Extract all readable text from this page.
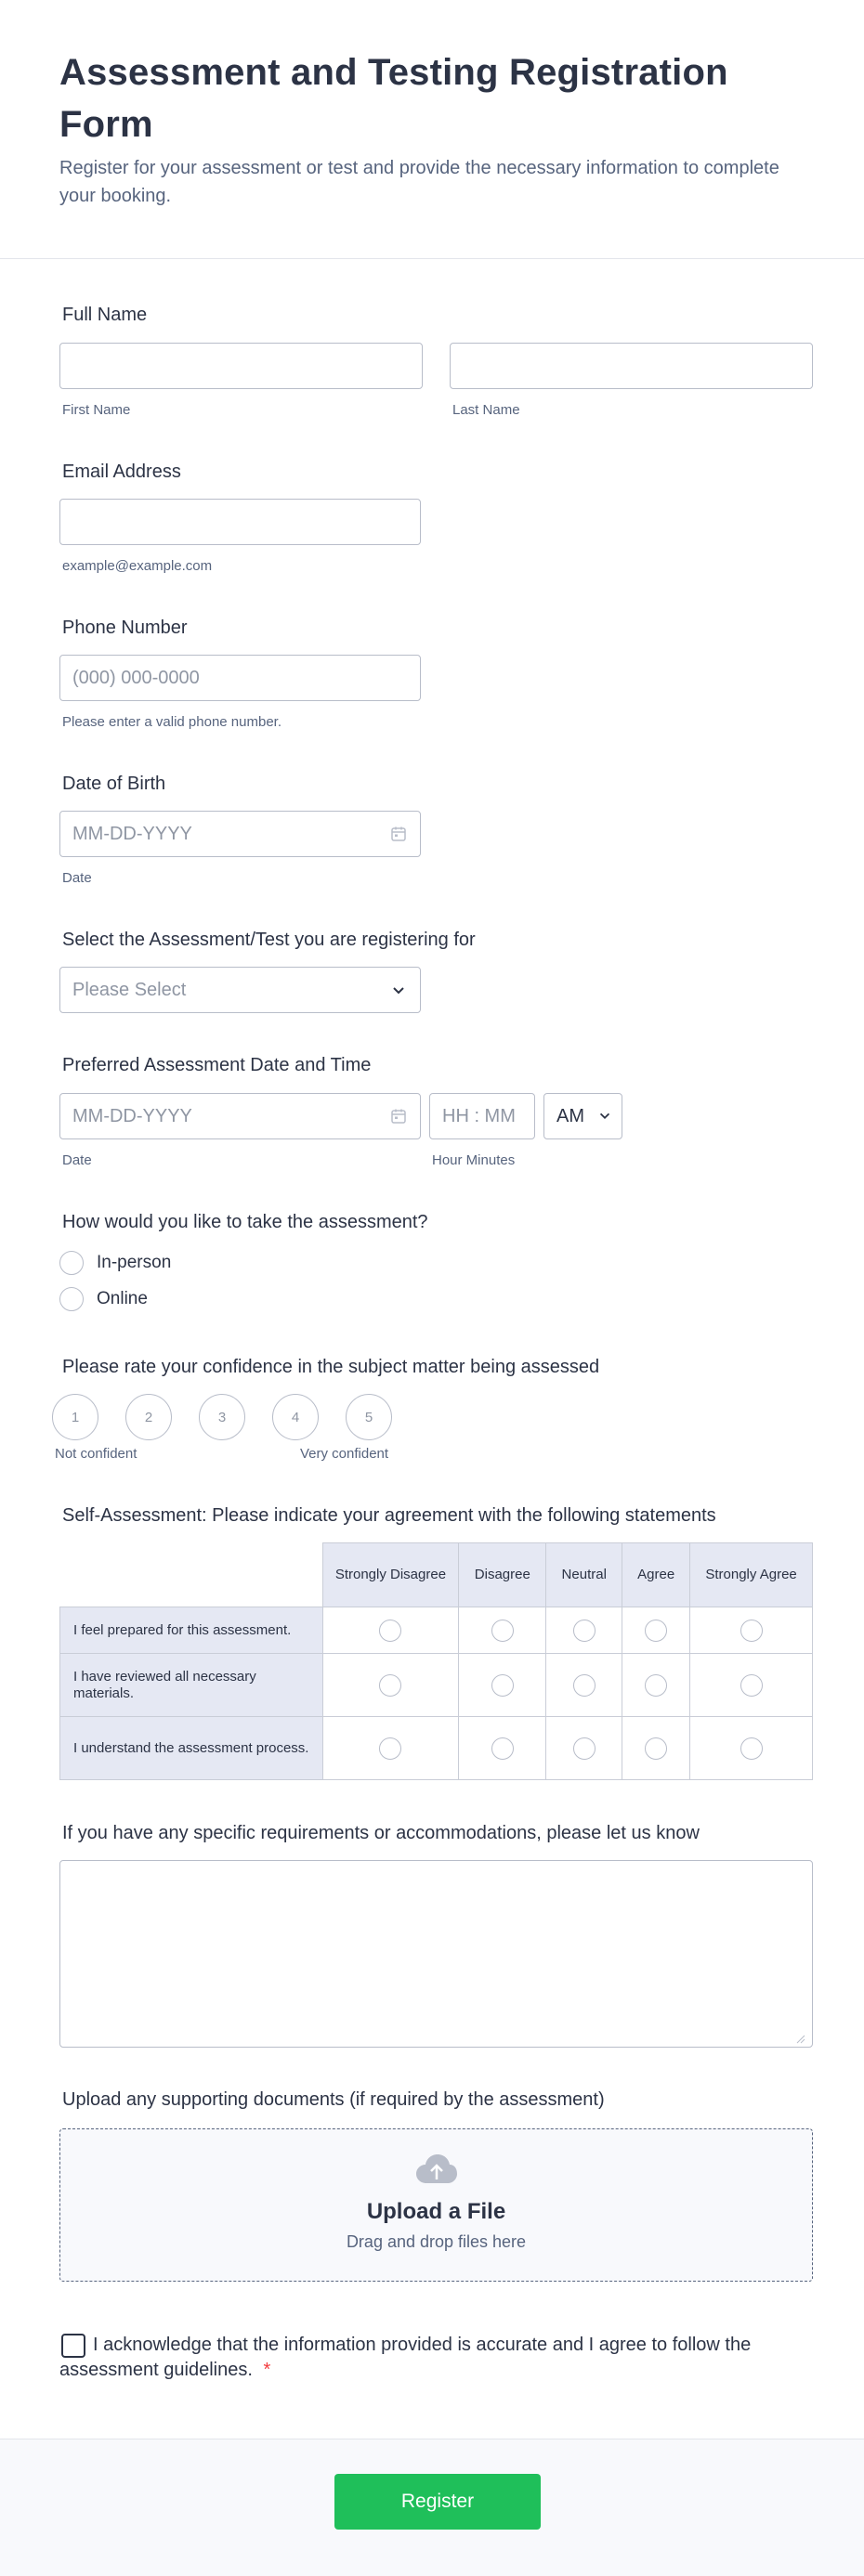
Assessment and Testing Registration Form

Register for your assessment or test and provide the necessary information to complete your booking.

Full Name
First Name	Last Name
Email Address
example@example.com
Phone Number
(000) 000-0000
Please enter a valid phone number.
Date of Birth
MM-DD-YYYY
Date
Select the Assessment/Test you are registering for
Please Select
Preferred Assessment Date and Time
MM-DD-YYYY	HH : MM AM
Date	Hour Minutes
How would you like to take the assessment?
In-person
Online
Please rate your confidence in the subject matter being assessed
1	2	3	4	5
Not confident	Very confident
Self-Assessment: Please indicate your agreement with the following statements
	Strongly Disagree	Disagree	Neutral	Agree	Strongly Agree
I feel prepared for this assessment.					
I have reviewed all necessary materials.					
I understand the assessment process.					
If you have any specific requirements or accommodations, please let us know
Upload any supporting documents (if required by the assessment)
Upload a File
Drag and drop files here
I acknowledge that the information provided is accurate and I agree to follow the assessment guidelines. *
Register
